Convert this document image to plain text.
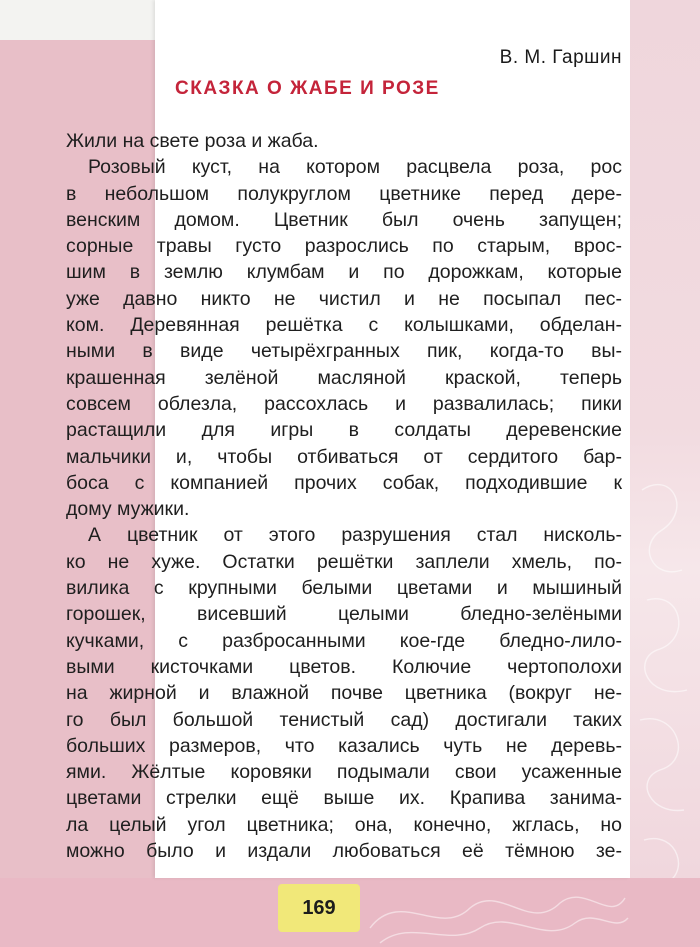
В. М. Гаршин
СКАЗКА О ЖАБЕ И РОЗЕ
Жили на свете роза и жаба.
Розовый куст, на котором расцвела роза, рос
в небольшом полукруглом цветнике перед дере-
венским домом. Цветник был очень запущен;
сорные травы густо разрослись по старым, врос-
шим в землю клумбам и по дорожкам, которые
уже давно никто не чистил и не посыпал пес-
ком. Деревянная решётка с колышками, обделан-
ными в виде четырёхгранных пик, когда-то вы-
крашенная зелёной масляной краской, теперь
совсем облезла, рассохлась и развалилась; пики
растащили для игры в солдаты деревенские
мальчики и, чтобы отбиваться от сердитого бар-
боса с компанией прочих собак, подходившие к
дому мужики.
А цветник от этого разрушения стал нисколь-
ко не хуже. Остатки решётки заплели хмель, по-
вилика с крупными белыми цветами и мышиный
горошек, висевший целыми бледно-зелёными
кучками, с разбросанными кое-где бледно-лило-
выми кисточками цветов. Колючие чертополохи
на жирной и влажной почве цветника (вокруг не-
го был большой тенистый сад) достигали таких
больших размеров, что казались чуть не деревь-
ями. Жёлтые коровяки подымали свои усаженные
цветами стрелки ещё выше их. Крапива занима-
ла целый угол цветника; она, конечно, жглась, но
можно было и издали любоваться её тёмною зе-
169
